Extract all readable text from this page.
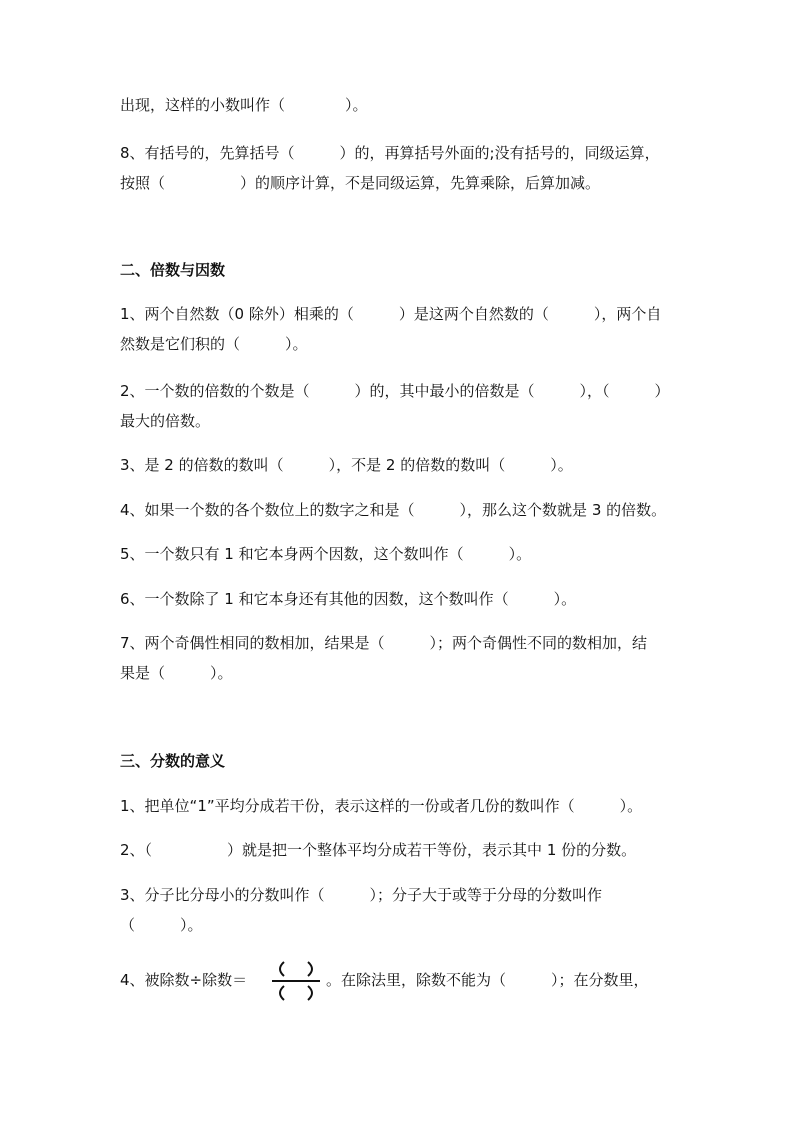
出现，这样的小数叫作（　　　　）。
8、有括号的，先算括号（　　　）的，再算括号外面的;没有括号的，同级运算，
按照（　　　　　）的顺序计算，不是同级运算，先算乘除，后算加减。
二、倍数与因数
1、两个自然数（0 除外）相乘的（　　　）是这两个自然数的（　　　），两个自
然数是它们积的（　　　）。
2、一个数的倍数的个数是（　　　）的，其中最小的倍数是（　　　），（　　　）
最大的倍数。
3、是 2 的倍数的数叫（　　　），不是 2 的倍数的数叫（　　　）。
4、如果一个数的各个数位上的数字之和是（　　　），那么这个数就是 3 的倍数。
5、一个数只有 1 和它本身两个因数，这个数叫作（　　　）。
6、一个数除了 1 和它本身还有其他的因数，这个数叫作（　　　）。
7、两个奇偶性相同的数相加，结果是（　　　）；两个奇偶性不同的数相加，结
果是（　　　）。
三、分数的意义
1、把单位“1”平均分成若干份，表示这样的一份或者几份的数叫作（　　　）。
2、（　　　　　）就是把一个整体平均分成若干等份，表示其中 1 份的分数。
3、分子比分母小的分数叫作（　　　）；分子大于或等于分母的分数叫作
（　　　）。
4、被除数÷除数＝	。在除法里，除数不能为（　　　）；在分数里，
